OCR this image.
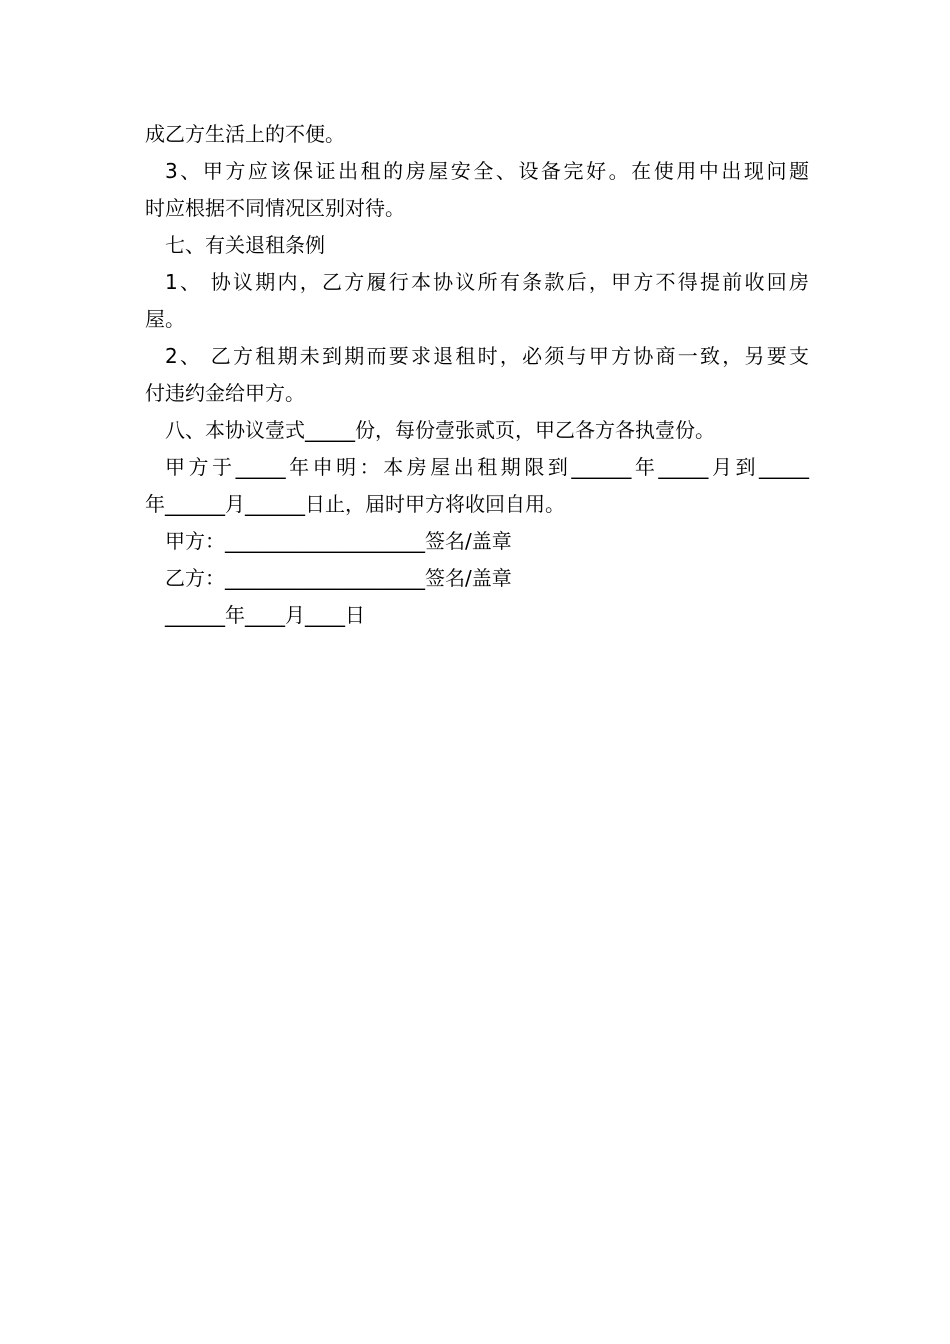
成乙方生活上的不便。
3、甲方应该保证出租的房屋安全、设备完好。在使用中出现问题
时应根据不同情况区别对待。
七、有关退租条例
1、 协议期内，乙方履行本协议所有条款后，甲方不得提前收回房
屋。
2、 乙方租期未到期而要求退租时，必须与甲方协商一致，另要支
付违约金给甲方。
八、本协议壹式_____份，每份壹张贰页，甲乙各方各执壹份。
甲方于_____年申明：本房屋出租期限到______年_____月到_____
年______月______日止，届时甲方将收回自用。
甲方：____________________签名/盖章
乙方：____________________签名/盖章
______年____月____日
